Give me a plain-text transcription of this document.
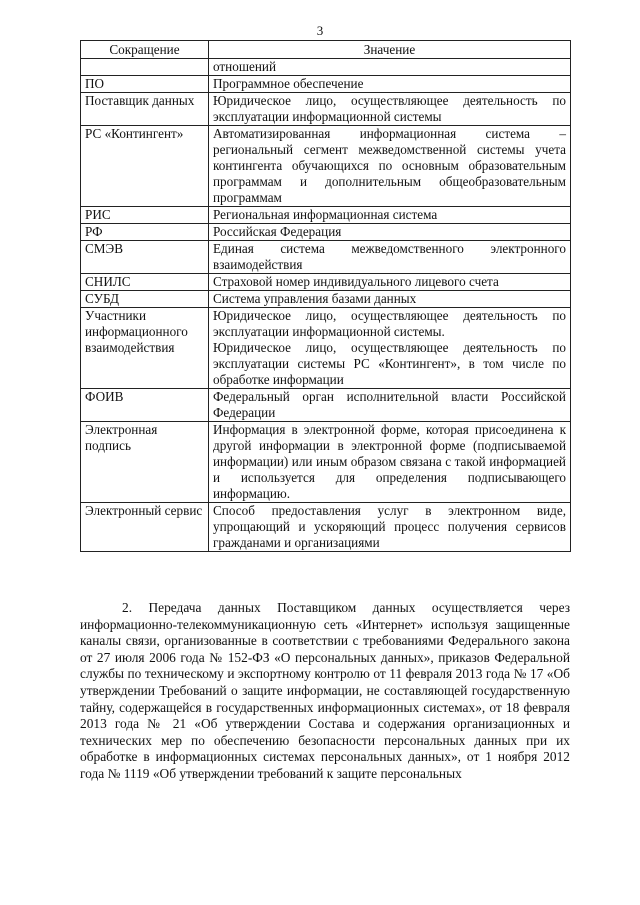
3
Сокращение	Значение

	отношений

ПО	Программное обеспечение

Поставщик данных	Юридическое лицо, осуществляющее деятельность по эксплуатации информационной системы

РС «Контингент»	Автоматизированная информационная система – региональный сегмент межведомственной системы учета контингента обучающихся по основным образовательным программам и дополнительным общеобразовательным программам

РИС	Региональная информационная система

РФ	Российская Федерация

СМЭВ	Единая система межведомственного электронного взаимодействия

СНИЛС	Страховой номер индивидуального лицевого счета

СУБД	Система управления базами данных

Участники информационного взаимодействия	Юридическое лицо, осуществляющее деятельность по эксплуатации информационной системы.

Юридическое лицо, осуществляющее деятельность по эксплуатации системы РС «Контингент», в том числе по обработке информации

ФОИВ	Федеральный орган исполнительной власти Российской Федерации

Электронная подпись	Информация в электронной форме, которая присоединена к другой информации в электронной форме (подписываемой информации) или иным образом связана с такой информацией и используется для определения подписывающего информацию.

Электронный сервис	Способ предоставления услуг в электронном виде, упрощающий и ускоряющий процесс получения сервисов гражданами и организациями

2. Передача данных Поставщиком данных осуществляется через информационно-телекоммуникационную сеть «Интернет» используя защищенные каналы связи, организованные в соответствии с требованиями Федерального закона от 27 июля 2006 года № 152-ФЗ «О персональных данных», приказов Федеральной службы по техническому и экспортному контролю от 11 февраля 2013 года № 17 «Об утверждении Требований о защите информации, не составляющей государственную тайну, содержащейся в государственных информационных системах», от 18 февраля 2013 года № 21 «Об утверждении Состава и содержания организационных и технических мер по обеспечению безопасности персональных данных при их обработке в информационных системах персональных данных», от 1 ноября 2012 года № 1119 «Об утверждении требований к защите персональных
